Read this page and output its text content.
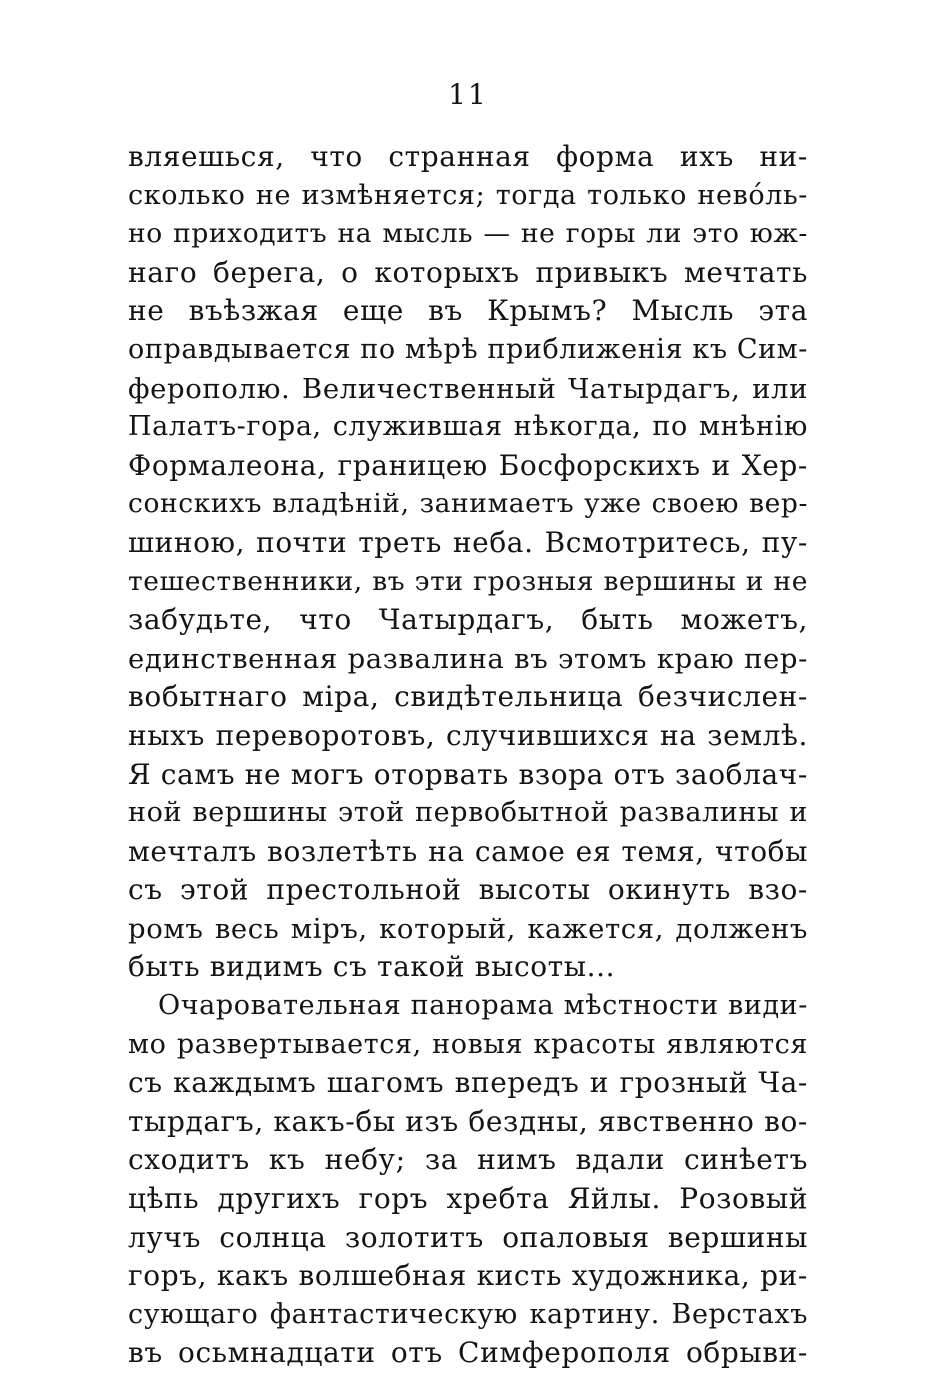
11
вляешься, что странная форма ихъ ни-
сколько не измѣняется; тогда только нево́ль-
но приходитъ на мысль — не горы ли это юж-
наго берега, о которыхъ привыкъ мечтать
не въѣзжая еще въ Крымъ? Мысль эта
оправдывается по мѣрѣ приближенія къ Сим-
ферополю. Величественный Чатырдагъ, или
Палатъ-гора, служившая нѣкогда, по мнѣнію
Формалеона, границею Босфорскихъ и Хер-
сонскихъ владѣній, занимаетъ уже своею вер-
шиною, почти треть неба. Всмотритесь, пу-
тешественники, въ эти грозныя вершины и не
забудьте, что Чатырдагъ, быть можетъ,
единственная развалина въ этомъ краю пер-
вобытнаго міра, свидѣтельница безчислен-
ныхъ переворотовъ, случившихся на землѣ.
Я самъ не могъ оторвать взора отъ заоблач-
ной вершины этой первобытной развалины и
мечталъ возлетѣть на самое ея темя, чтобы
съ этой престольной высоты окинуть взо-
ромъ весь міръ, который, кажется, долженъ
быть видимъ съ такой высоты...
Очаровательная панорама мѣстности види-
мо развертывается, новыя красоты являются
съ каждымъ шагомъ впередъ и грозный Ча-
тырдагъ, какъ-бы изъ бездны, явственно во-
сходитъ къ небу; за нимъ вдали синѣетъ
цѣпь другихъ горъ хребта Яйлы. Розовый
лучъ солнца золотитъ опаловыя вершины
горъ, какъ волшебная кисть художника, ри-
сующаго фантастическую картину. Верстахъ
въ осьмнадцати отъ Симферополя обрыви-
